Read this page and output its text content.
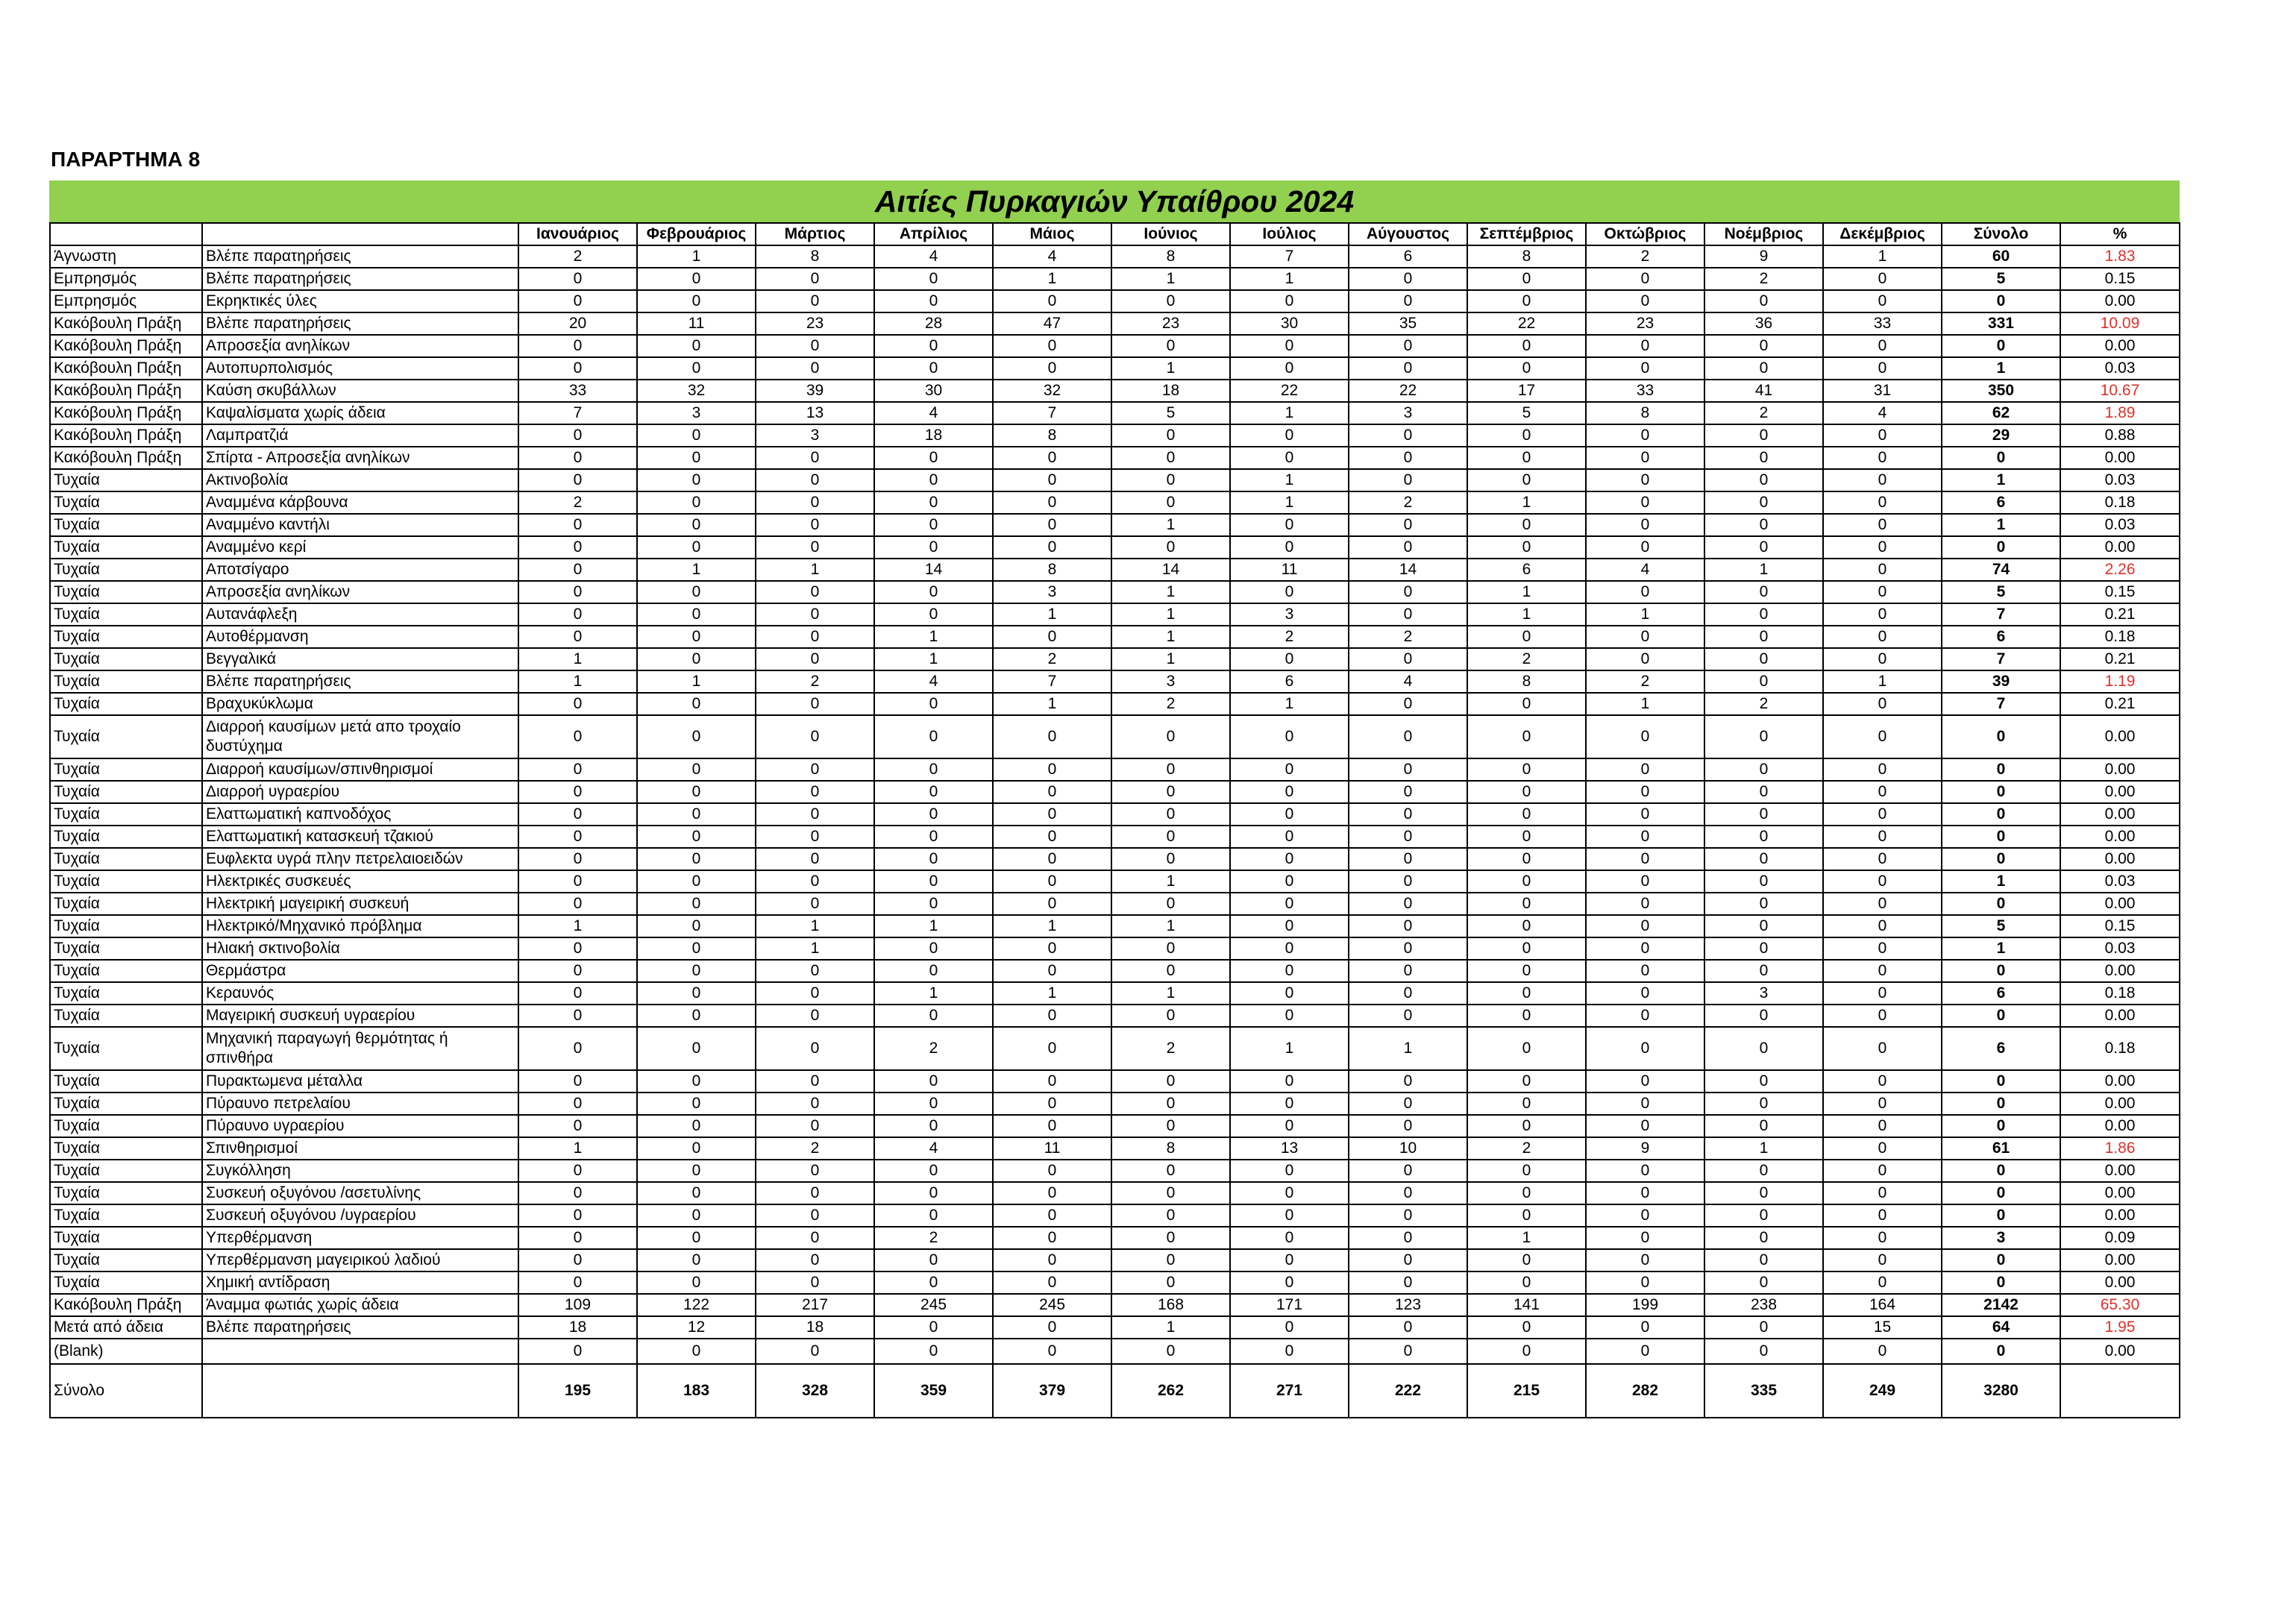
ΠΑΡΑΡΤΗΜΑ 8
Αιτίες Πυρκαγιών Υπαίθρου 2024
		Ιανουάριος	Φεβρουάριος	Μάρτιος	Απρίλιος	Μάιος	Ιούνιος	Ιούλιος	Αύγουστος	Σεπτέμβριος	Οκτώβριος	Νοέμβριος	Δεκέμβριος	Σύνολο	%
Άγνωστη	Βλέπε παρατηρήσεις	2	1	8	4	4	8	7	6	8	2	9	1	60	1.83
Εμπρησμός	Βλέπε παρατηρήσεις	0	0	0	0	1	1	1	0	0	0	2	0	5	0.15
Εμπρησμός	Εκρηκτικές ύλες	0	0	0	0	0	0	0	0	0	0	0	0	0	0.00
Κακόβουλη Πράξη	Βλέπε παρατηρήσεις	20	11	23	28	47	23	30	35	22	23	36	33	331	10.09
Κακόβουλη Πράξη	Απροσεξία ανηλίκων	0	0	0	0	0	0	0	0	0	0	0	0	0	0.00
Κακόβουλη Πράξη	Αυτοπυρπολισμός	0	0	0	0	0	1	0	0	0	0	0	0	1	0.03
Κακόβουλη Πράξη	Καύση σκυβάλλων	33	32	39	30	32	18	22	22	17	33	41	31	350	10.67
Κακόβουλη Πράξη	Καψαλίσματα χωρίς άδεια	7	3	13	4	7	5	1	3	5	8	2	4	62	1.89
Κακόβουλη Πράξη	Λαμπρατζιά	0	0	3	18	8	0	0	0	0	0	0	0	29	0.88
Κακόβουλη Πράξη	Σπίρτα - Απροσεξία ανηλίκων	0	0	0	0	0	0	0	0	0	0	0	0	0	0.00
Τυχαία	Ακτινοβολία	0	0	0	0	0	0	1	0	0	0	0	0	1	0.03
Τυχαία	Αναμμένα κάρβουνα	2	0	0	0	0	0	1	2	1	0	0	0	6	0.18
Τυχαία	Αναμμένο καντήλι	0	0	0	0	0	1	0	0	0	0	0	0	1	0.03
Τυχαία	Αναμμένο κερί	0	0	0	0	0	0	0	0	0	0	0	0	0	0.00
Τυχαία	Αποτσίγαρο	0	1	1	14	8	14	11	14	6	4	1	0	74	2.26
Τυχαία	Απροσεξία ανηλίκων	0	0	0	0	3	1	0	0	1	0	0	0	5	0.15
Τυχαία	Αυτανάφλεξη	0	0	0	0	1	1	3	0	1	1	0	0	7	0.21
Τυχαία	Αυτοθέρμανση	0	0	0	1	0	1	2	2	0	0	0	0	6	0.18
Τυχαία	Βεγγαλικά	1	0	0	1	2	1	0	0	2	0	0	0	7	0.21
Τυχαία	Βλέπε παρατηρήσεις	1	1	2	4	7	3	6	4	8	2	0	1	39	1.19
Τυχαία	Βραχυκύκλωμα	0	0	0	0	1	2	1	0	0	1	2	0	7	0.21
Τυχαία	Διαρροή καυσίμων μετά απο τροχαίο δυστύχημα	0	0	0	0	0	0	0	0	0	0	0	0	0	0.00
Τυχαία	Διαρροή καυσίμων/σπινθηρισμοί	0	0	0	0	0	0	0	0	0	0	0	0	0	0.00
Τυχαία	Διαρροή υγραερίου	0	0	0	0	0	0	0	0	0	0	0	0	0	0.00
Τυχαία	Ελαττωματική καπνοδόχος	0	0	0	0	0	0	0	0	0	0	0	0	0	0.00
Τυχαία	Ελαττωματική κατασκευή τζακιού	0	0	0	0	0	0	0	0	0	0	0	0	0	0.00
Τυχαία	Ευφλεκτα υγρά πλην πετρελαιοειδών	0	0	0	0	0	0	0	0	0	0	0	0	0	0.00
Τυχαία	Ηλεκτρικές συσκευές	0	0	0	0	0	1	0	0	0	0	0	0	1	0.03
Τυχαία	Ηλεκτρική μαγειρική συσκευή	0	0	0	0	0	0	0	0	0	0	0	0	0	0.00
Τυχαία	Ηλεκτρικό/Μηχανικό πρόβλημα	1	0	1	1	1	1	0	0	0	0	0	0	5	0.15
Τυχαία	Ηλιακή σκτινοβολία	0	0	1	0	0	0	0	0	0	0	0	0	1	0.03
Τυχαία	Θερμάστρα	0	0	0	0	0	0	0	0	0	0	0	0	0	0.00
Τυχαία	Κεραυνός	0	0	0	1	1	1	0	0	0	0	3	0	6	0.18
Τυχαία	Μαγειρική συσκευή υγραερίου	0	0	0	0	0	0	0	0	0	0	0	0	0	0.00
Τυχαία	Μηχανική παραγωγή θερμότητας ή σπινθήρα	0	0	0	2	0	2	1	1	0	0	0	0	6	0.18
Τυχαία	Πυρακτωμενα μέταλλα	0	0	0	0	0	0	0	0	0	0	0	0	0	0.00
Τυχαία	Πύραυνο πετρελαίου	0	0	0	0	0	0	0	0	0	0	0	0	0	0.00
Τυχαία	Πύραυνο υγραερίου	0	0	0	0	0	0	0	0	0	0	0	0	0	0.00
Τυχαία	Σπινθηρισμοί	1	0	2	4	11	8	13	10	2	9	1	0	61	1.86
Τυχαία	Συγκόλληση	0	0	0	0	0	0	0	0	0	0	0	0	0	0.00
Τυχαία	Συσκευή οξυγόνου /ασετυλίνης	0	0	0	0	0	0	0	0	0	0	0	0	0	0.00
Τυχαία	Συσκευή οξυγόνου /υγραερίου	0	0	0	0	0	0	0	0	0	0	0	0	0	0.00
Τυχαία	Υπερθέρμανση	0	0	0	2	0	0	0	0	1	0	0	0	3	0.09
Τυχαία	Υπερθέρμανση μαγειρικού λαδιού	0	0	0	0	0	0	0	0	0	0	0	0	0	0.00
Τυχαία	Χημική αντίδραση	0	0	0	0	0	0	0	0	0	0	0	0	0	0.00
Κακόβουλη Πράξη	Άναμμα φωτιάς χωρίς άδεια	109	122	217	245	245	168	171	123	141	199	238	164	2142	65.30
Μετά από άδεια	Βλέπε παρατηρήσεις	18	12	18	0	0	1	0	0	0	0	0	15	64	1.95
(Blank)		0	0	0	0	0	0	0	0	0	0	0	0	0	0.00
Σύνολο		195	183	328	359	379	262	271	222	215	282	335	249	3280	
